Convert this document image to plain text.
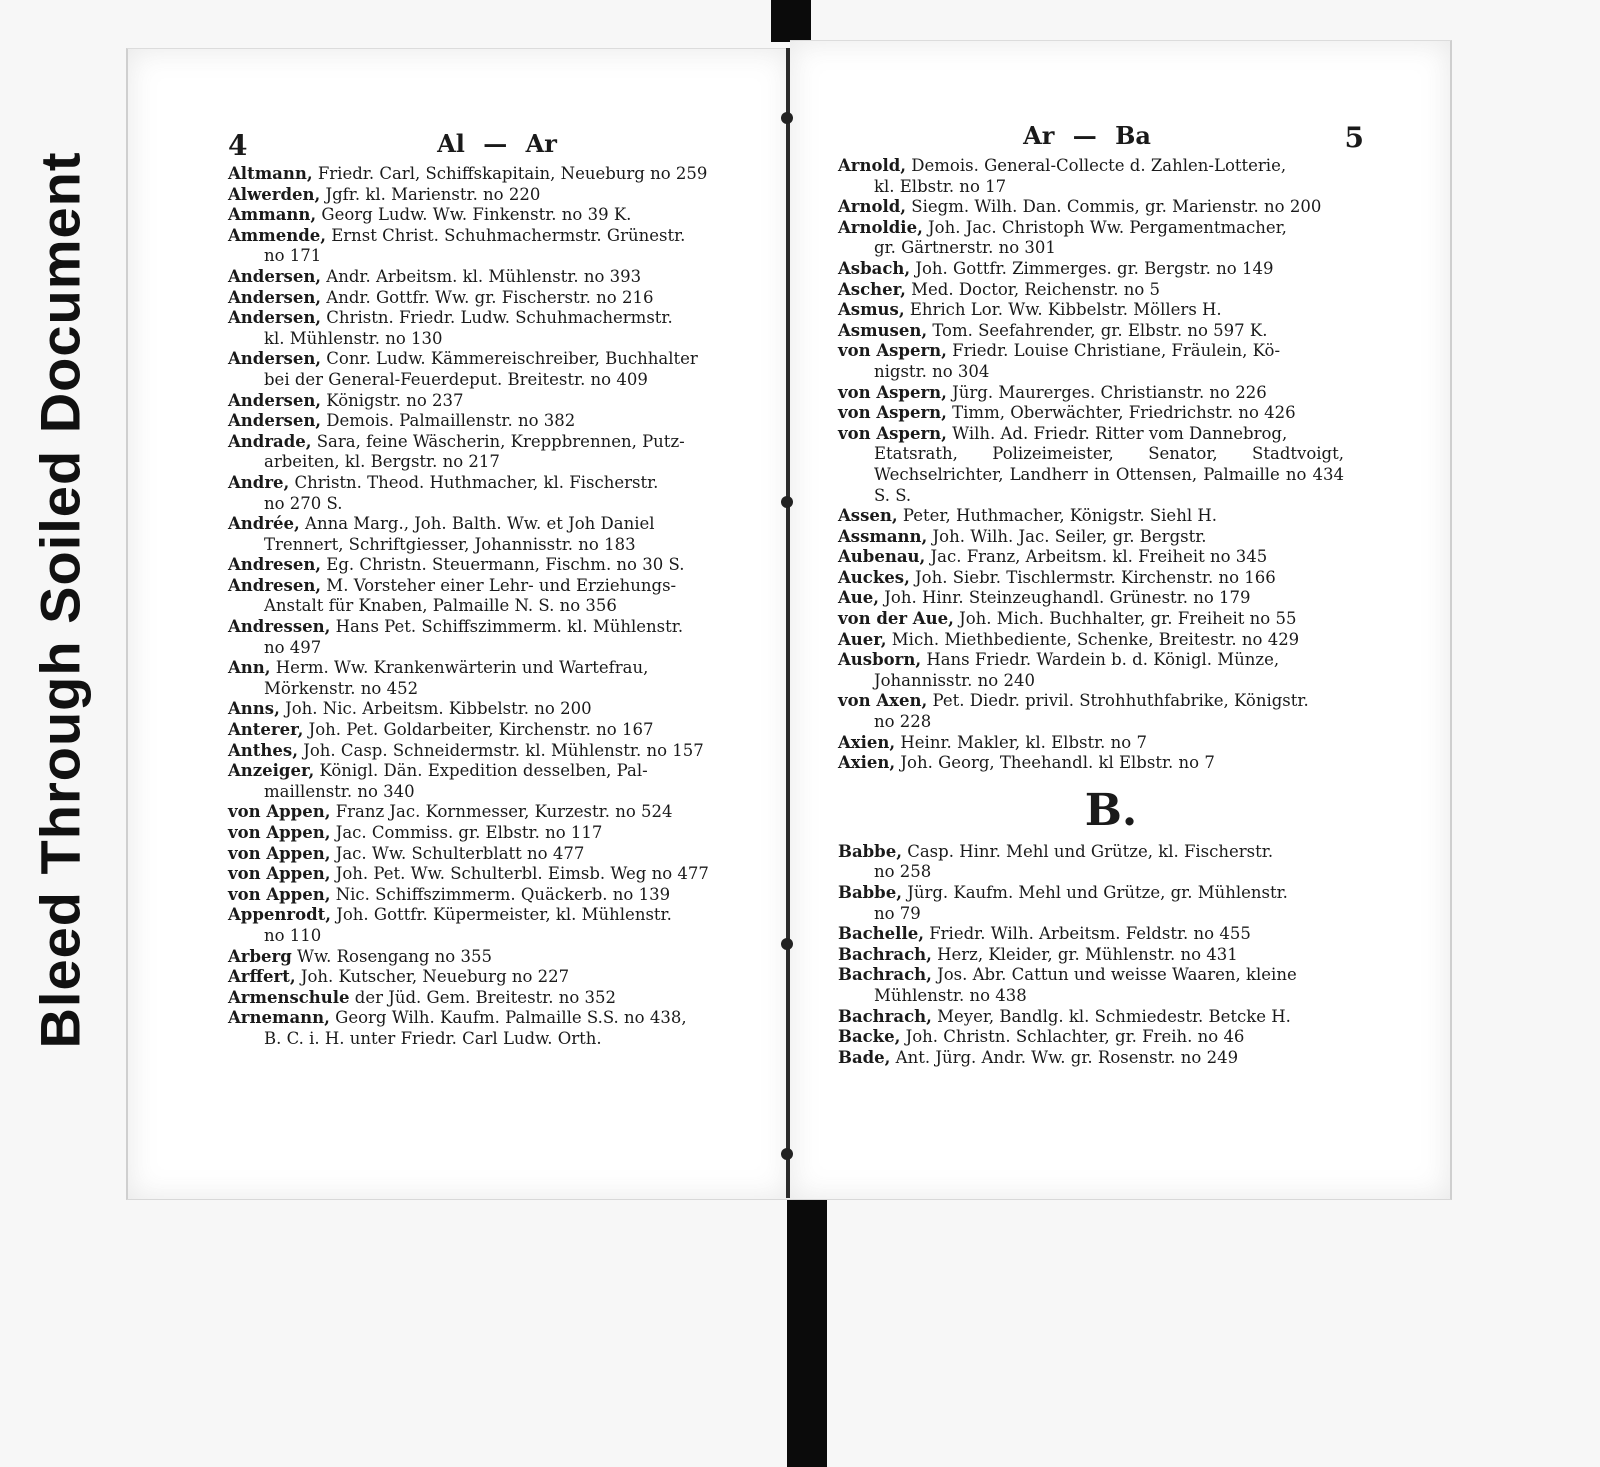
Bleed Through Soiled Document
4	Al — Ar
Altmann, Friedr. Carl, Schiffskapitain, Neueburg no 259
Alwerden, Jgfr. kl. Marienstr. no 220
Ammann, Georg Ludw. Ww. Finkenstr. no 39 K.
Ammende, Ernst Christ. Schuhmachermstr. Grünestr.
no 171
Andersen, Andr. Arbeitsm. kl. Mühlenstr. no 393
Andersen, Andr. Gottfr. Ww. gr. Fischerstr. no 216
Andersen, Christn. Friedr. Ludw. Schuhmachermstr.
kl. Mühlenstr. no 130
Andersen, Conr. Ludw. Kämmereischreiber, Buchhalter
bei der General-Feuerdeput. Breitestr. no 409
Andersen, Königstr. no 237
Andersen, Demois. Palmaillenstr. no 382
Andrade, Sara, feine Wäscherin, Kreppbrennen, Putz-
arbeiten, kl. Bergstr. no 217
Andre, Christn. Theod. Huthmacher, kl. Fischerstr.
no 270 S.
Andrée, Anna Marg., Joh. Balth. Ww. et Joh Daniel
Trennert, Schriftgiesser, Johannisstr. no 183
Andresen, Eg. Christn. Steuermann, Fischm. no 30 S.
Andresen, M. Vorsteher einer Lehr- und Erziehungs-
Anstalt für Knaben, Palmaille N. S. no 356
Andressen, Hans Pet. Schiffszimmerm. kl. Mühlenstr.
no 497
Ann, Herm. Ww. Krankenwärterin und Wartefrau,
Mörkenstr. no 452
Anns, Joh. Nic. Arbeitsm. Kibbelstr. no 200
Anterer, Joh. Pet. Goldarbeiter, Kirchenstr. no 167
Anthes, Joh. Casp. Schneidermstr. kl. Mühlenstr. no 157
Anzeiger, Königl. Dän. Expedition desselben, Pal-
maillenstr. no 340
von Appen, Franz Jac. Kornmesser, Kurzestr. no 524
von Appen, Jac. Commiss. gr. Elbstr. no 117
von Appen, Jac. Ww. Schulterblatt no 477
von Appen, Joh. Pet. Ww. Schulterbl. Eimsb. Weg no 477
von Appen, Nic. Schiffszimmerm. Quäckerb. no 139
Appenrodt, Joh. Gottfr. Küpermeister, kl. Mühlenstr.
no 110
Arberg Ww. Rosengang no 355
Arffert, Joh. Kutscher, Neueburg no 227
Armenschule der Jüd. Gem. Breitestr. no 352
Arnemann, Georg Wilh. Kaufm. Palmaille S.S. no 438,
B. C. i. H. unter Friedr. Carl Ludw. Orth.
Ar — Ba	5
Arnold, Demois. General-Collecte d. Zahlen-Lotterie,
kl. Elbstr. no 17
Arnold, Siegm. Wilh. Dan. Commis, gr. Marienstr. no 200
Arnoldie, Joh. Jac. Christoph Ww. Pergamentmacher,
gr. Gärtnerstr. no 301
Asbach, Joh. Gottfr. Zimmerges. gr. Bergstr. no 149
Ascher, Med. Doctor, Reichenstr. no 5
Asmus, Ehrich Lor. Ww. Kibbelstr. Möllers H.
Asmusen, Tom. Seefahrender, gr. Elbstr. no 597 K.
von Aspern, Friedr. Louise Christiane, Fräulein, Kö-
nigstr. no 304
von Aspern, Jürg. Maurerges. Christianstr. no 226
von Aspern, Timm, Oberwächter, Friedrichstr. no 426
von Aspern, Wilh. Ad. Friedr. Ritter vom Dannebrog,
Etatsrath, Polizeimeister, Senator, Stadtvoigt, Wechselrichter, Landherr in Ottensen, Palmaille no 434 S. S.
Assen, Peter, Huthmacher, Königstr. Siehl H.
Assmann, Joh. Wilh. Jac. Seiler, gr. Bergstr.
Aubenau, Jac. Franz, Arbeitsm. kl. Freiheit no 345
Auckes, Joh. Siebr. Tischlermstr. Kirchenstr. no 166
Aue, Joh. Hinr. Steinzeughandl. Grünestr. no 179
von der Aue, Joh. Mich. Buchhalter, gr. Freiheit no 55
Auer, Mich. Miethbediente, Schenke, Breitestr. no 429
Ausborn, Hans Friedr. Wardein b. d. Königl. Münze,
Johannisstr. no 240
von Axen, Pet. Diedr. privil. Strohhuthfabrike, Königstr.
no 228
Axien, Heinr. Makler, kl. Elbstr. no 7
Axien, Joh. Georg, Theehandl. kl Elbstr. no 7
B.
Babbe, Casp. Hinr. Mehl und Grütze, kl. Fischerstr.
no 258
Babbe, Jürg. Kaufm. Mehl und Grütze, gr. Mühlenstr.
no 79
Bachelle, Friedr. Wilh. Arbeitsm. Feldstr. no 455
Bachrach, Herz, Kleider, gr. Mühlenstr. no 431
Bachrach, Jos. Abr. Cattun und weisse Waaren, kleine
Mühlenstr. no 438
Bachrach, Meyer, Bandlg. kl. Schmiedestr. Betcke H.
Backe, Joh. Christn. Schlachter, gr. Freih. no 46
Bade, Ant. Jürg. Andr. Ww. gr. Rosenstr. no 249
